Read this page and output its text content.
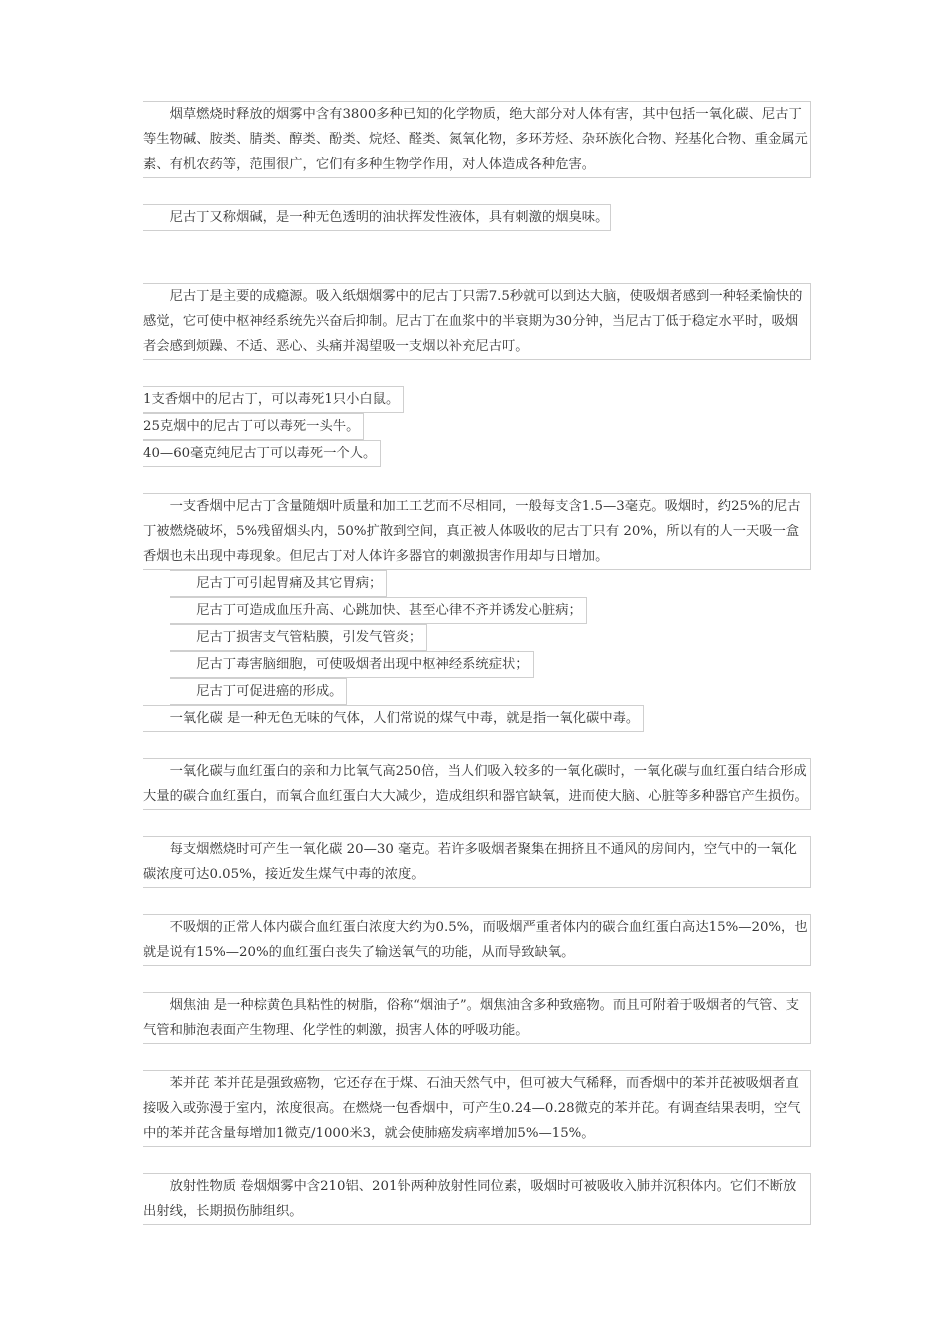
烟草燃烧时释放的烟雾中含有3800多种已知的化学物质，绝大部分对人体有害，其中包括一氧化碳、尼古丁等生物碱、胺类、腈类、醇类、酚类、烷烃、醛类、氮氧化物，多环芳烃、杂环族化合物、羟基化合物、重金属元素、有机农药等，范围很广，它们有多种生物学作用，对人体造成各种危害。
尼古丁又称烟碱，是一种无色透明的油状挥发性液体，具有刺激的烟臭味。
尼古丁是主要的成瘾源。吸入纸烟烟雾中的尼古丁只需7.5秒就可以到达大脑，使吸烟者感到一种轻柔愉快的感觉，它可使中枢神经系统先兴奋后抑制。尼古丁在血浆中的半衰期为30分钟，当尼古丁低于稳定水平时，吸烟者会感到烦躁、不适、恶心、头痛并渴望吸一支烟以补充尼古叮。
1支香烟中的尼古丁，可以毒死1只小白鼠。
25克烟中的尼古丁可以毒死一头牛。
40—60毫克纯尼古丁可以毒死一个人。
一支香烟中尼古丁含量随烟叶质量和加工工艺而不尽相同，一般每支含1.5—3毫克。吸烟时，约25%的尼古丁被燃烧破坏，5%残留烟头内，50%扩散到空间，真正被人体吸收的尼古丁只有 20%，所以有的人一天吸一盒香烟也未出现中毒现象。但尼古丁对人体许多器官的刺激损害作用却与日增加。
尼古丁可引起胃痛及其它胃病；
尼古丁可造成血压升高、心跳加快、甚至心律不齐并诱发心脏病；
尼古丁损害支气管粘膜，引发气管炎；
尼古丁毒害脑细胞，可使吸烟者出现中枢神经系统症状；
尼古丁可促进癌的形成。
一氧化碳 是一种无色无味的气体，人们常说的煤气中毒，就是指一氧化碳中毒。
一氧化碳与血红蛋白的亲和力比氧气高250倍，当人们吸入较多的一氧化碳时，一氧化碳与血红蛋白结合形成大量的碳合血红蛋白，而氧合血红蛋白大大减少，造成组织和器官缺氧，进而使大脑、心脏等多种器官产生损伤。
每支烟燃烧时可产生一氧化碳 20—30 毫克。若许多吸烟者聚集在拥挤且不通风的房间内，空气中的一氧化碳浓度可达0.05%，接近发生煤气中毒的浓度。
不吸烟的正常人体内碳合血红蛋白浓度大约为0.5%，而吸烟严重者体内的碳合血红蛋白高达15%—20%，也就是说有15%—20%的血红蛋白丧失了输送氧气的功能，从而导致缺氧。
烟焦油 是一种棕黄色具粘性的树脂，俗称“烟油子”。烟焦油含多种致癌物。而且可附着于吸烟者的气管、支气管和肺泡表面产生物理、化学性的刺激，损害人体的呼吸功能。
苯并芘 苯并芘是强致癌物，它还存在于煤、石油天然气中，但可被大气稀释，而香烟中的苯并芘被吸烟者直接吸入或弥漫于室内，浓度很高。在燃烧一包香烟中，可产生0.24—0.28微克的苯并芘。有调查结果表明，空气中的苯并芘含量每增加1微克/1000米3，就会使肺癌发病率增加5%—15%。
放射性物质 卷烟烟雾中含210铝、201钋两种放射性同位素，吸烟时可被吸收入肺并沉积体内。它们不断放出射线，长期损伤肺组织。
